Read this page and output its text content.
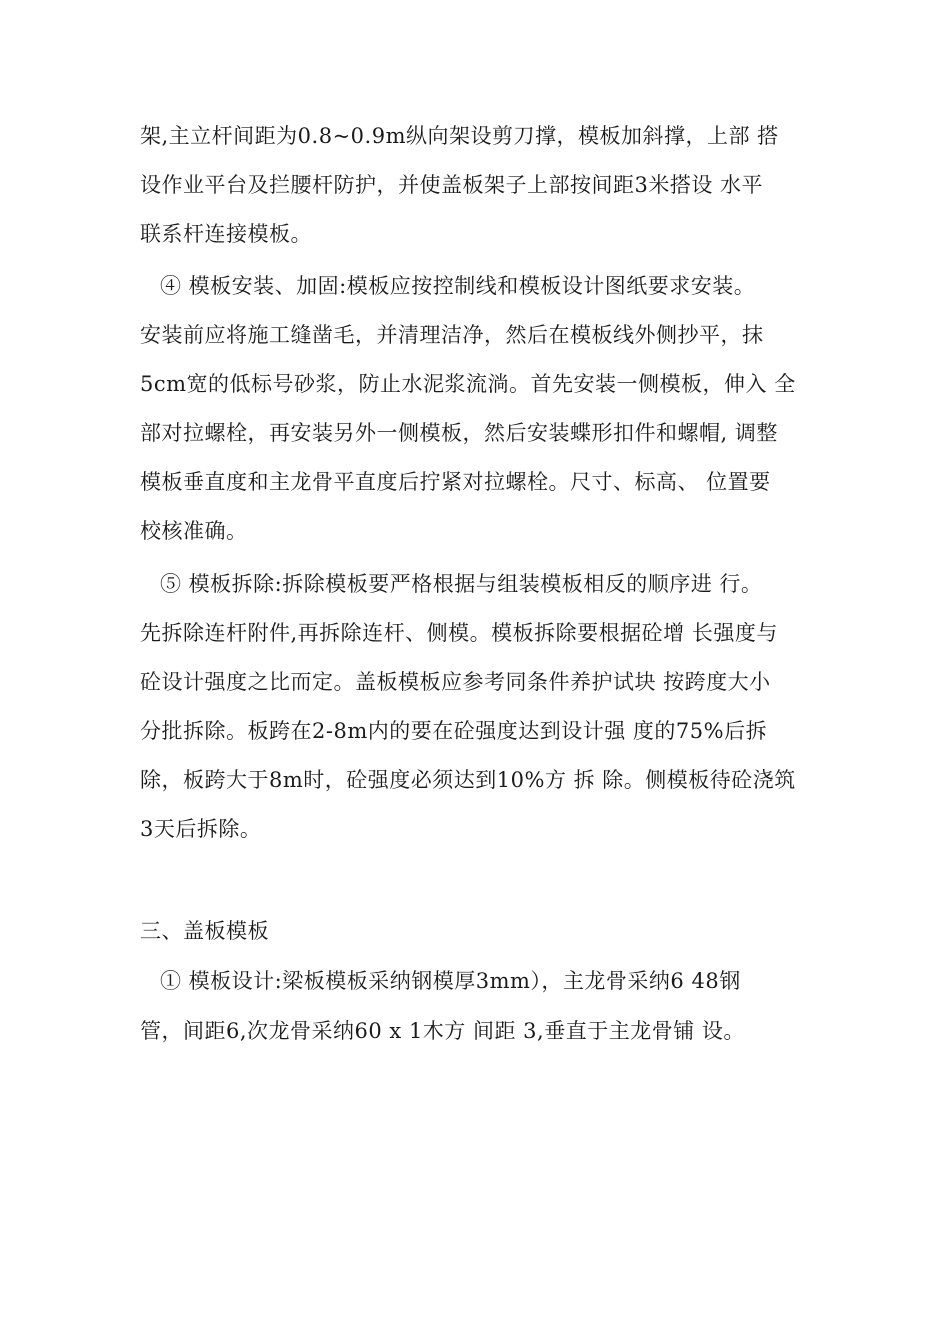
架,主立杆间距为0.8~0.9m纵向架设剪刀撑，模板加斜撑，上部 搭
设作业平台及拦腰杆防护，并使盖板架子上部按间距3米搭设 水平
联系杆连接模板。
④ 模板安装、加固:模板应按控制线和模板设计图纸要求安装。
安装前应将施工缝凿毛，并清理洁净，然后在模板线外侧抄平，抹
5cm宽的低标号砂浆，防止水泥浆流淌。首先安装一侧模板，伸入 全
部对拉螺栓，再安装另外一侧模板，然后安装蝶形扣件和螺帽, 调整
模板垂直度和主龙骨平直度后拧紧对拉螺栓。尺寸、标高、 位置要
校核准确。
⑤ 模板拆除:拆除模板要严格根据与组装模板相反的顺序进 行。
先拆除连杆附件,再拆除连杆、侧模。模板拆除要根据砼增 长强度与
砼设计强度之比而定。盖板模板应参考同条件养护试块 按跨度大小
分批拆除。板跨在2-8m内的要在砼强度达到设计强 度的75%后拆
除，板跨大于8m时，砼强度必须达到10%方 拆 除。侧模板待砼浇筑
3天后拆除。
三、盖板模板
① 模板设计:梁板模板采纳钢模厚3mm），主龙骨采纳6 48钢
管，间距6,次龙骨采纳60 x 1木方 间距 3,垂直于主龙骨铺 设。
